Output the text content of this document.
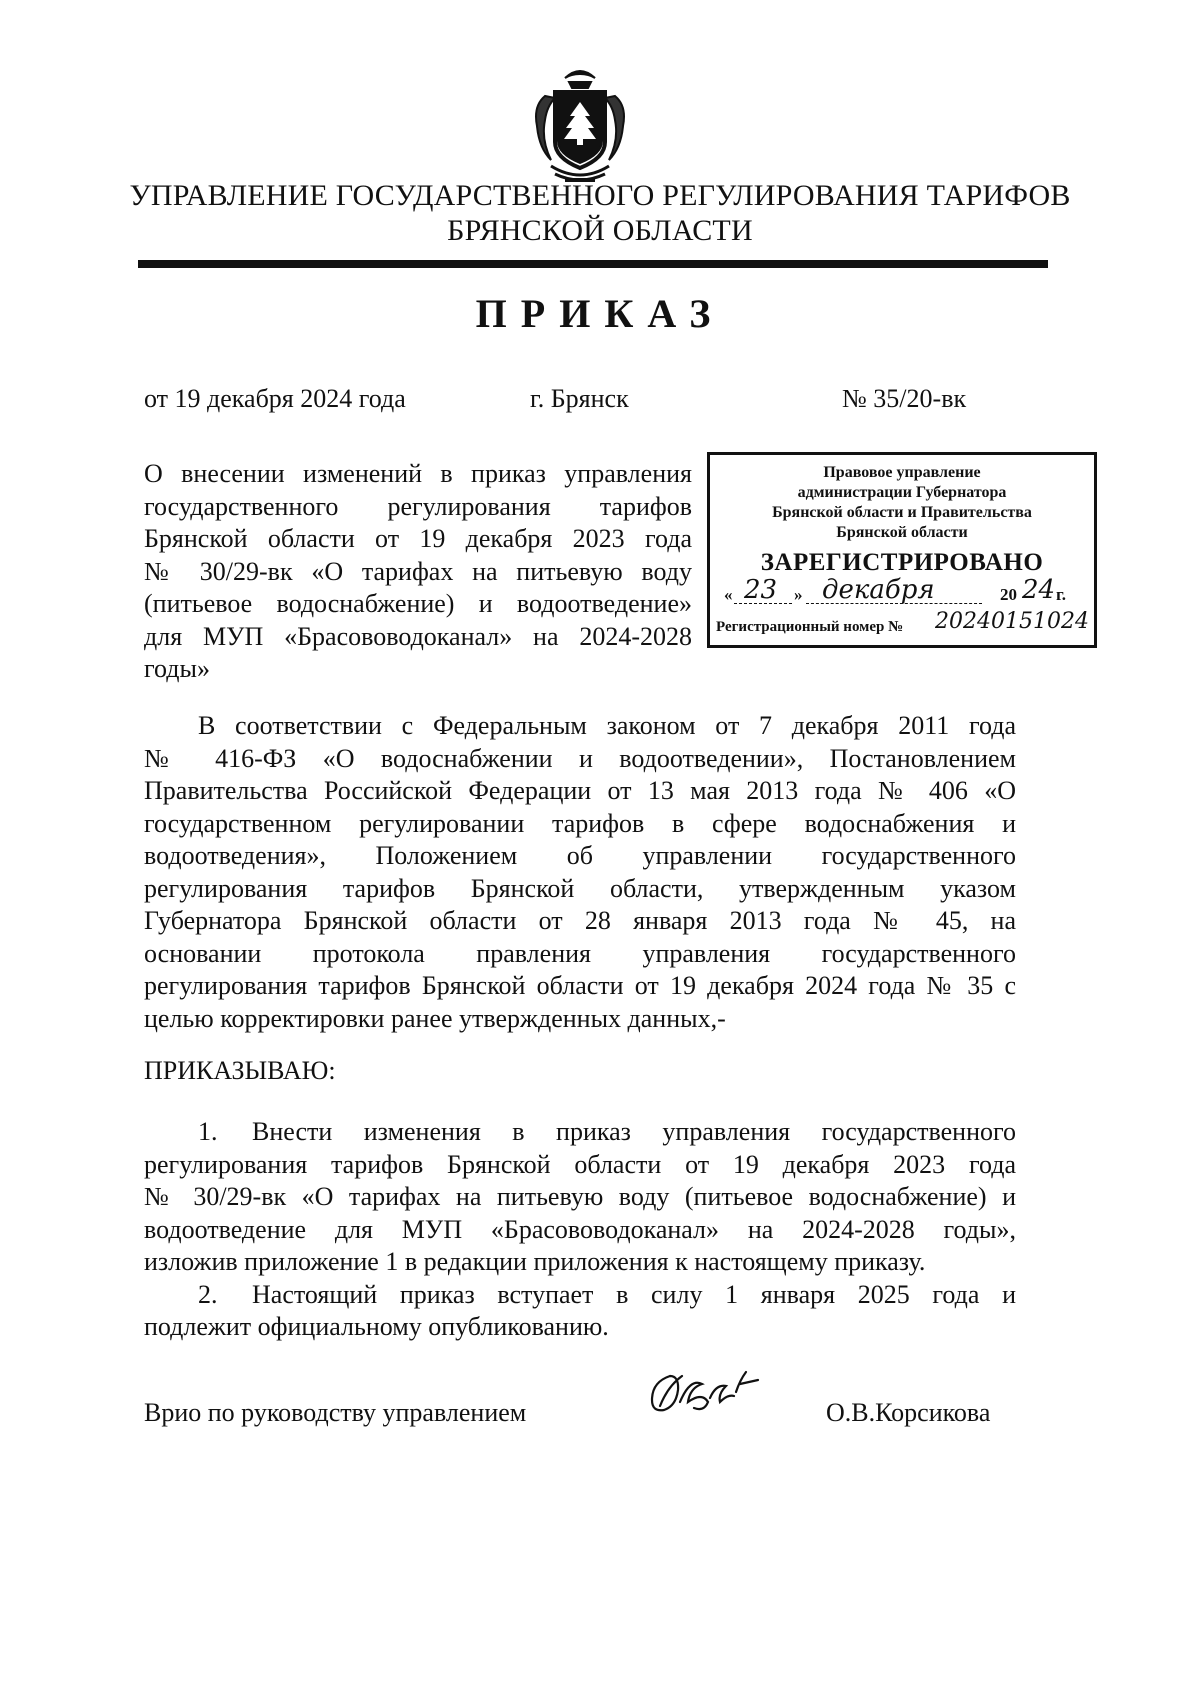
УПРАВЛЕНИЕ ГОСУДАРСТВЕННОГО РЕГУЛИРОВАНИЯ ТАРИФОВ
БРЯНСКОЙ ОБЛАСТИ
ПРИКАЗ
от 19 декабря 2024 года	г. Брянск	№ 35/20-вк

О внесении изменений в приказ управления

государственного регулирования тарифов

Брянской области от 19 декабря 2023 года

№ 30/29-вк «О тарифах на питьевую воду

(питьевое водоснабжение) и водоотведение»

для МУП «Брасововодоканал» на 2024-2028

годы»

Правовое управление
администрации Губернатора
Брянской области и Правительства
Брянской области
ЗАРЕГИСТРИРОВАНО
« 23 » декабря	20 24 г.
Регистрационный номер № 20240151024

В соответствии с Федеральным законом от 7 декабря 2011 года

№ 416-ФЗ «О водоснабжении и водоотведении», Постановлением

Правительства Российской Федерации от 13 мая 2013 года № 406 «О

государственном регулировании тарифов в сфере водоснабжения и

водоотведения», Положением об управлении государственного

регулирования тарифов Брянской области, утвержденным указом

Губернатора Брянской области от 28 января 2013 года № 45, на

основании протокола правления управления государственного

регулирования тарифов Брянской области от 19 декабря 2024 года № 35 с

целью корректировки ранее утвержденных данных,-

ПРИКАЗЫВАЮ:

1. Внести изменения в приказ управления государственного

регулирования тарифов Брянской области от 19 декабря 2023 года

№ 30/29-вк «О тарифах на питьевую воду (питьевое водоснабжение) и

водоотведение для МУП «Брасововодоканал» на 2024-2028 годы»,

изложив приложение 1 в редакции приложения к настоящему приказу.

2. Настоящий приказ вступает в силу 1 января 2025 года и

подлежит официальному опубликованию.

Врио по руководству управлением	О.В.Корсикова
